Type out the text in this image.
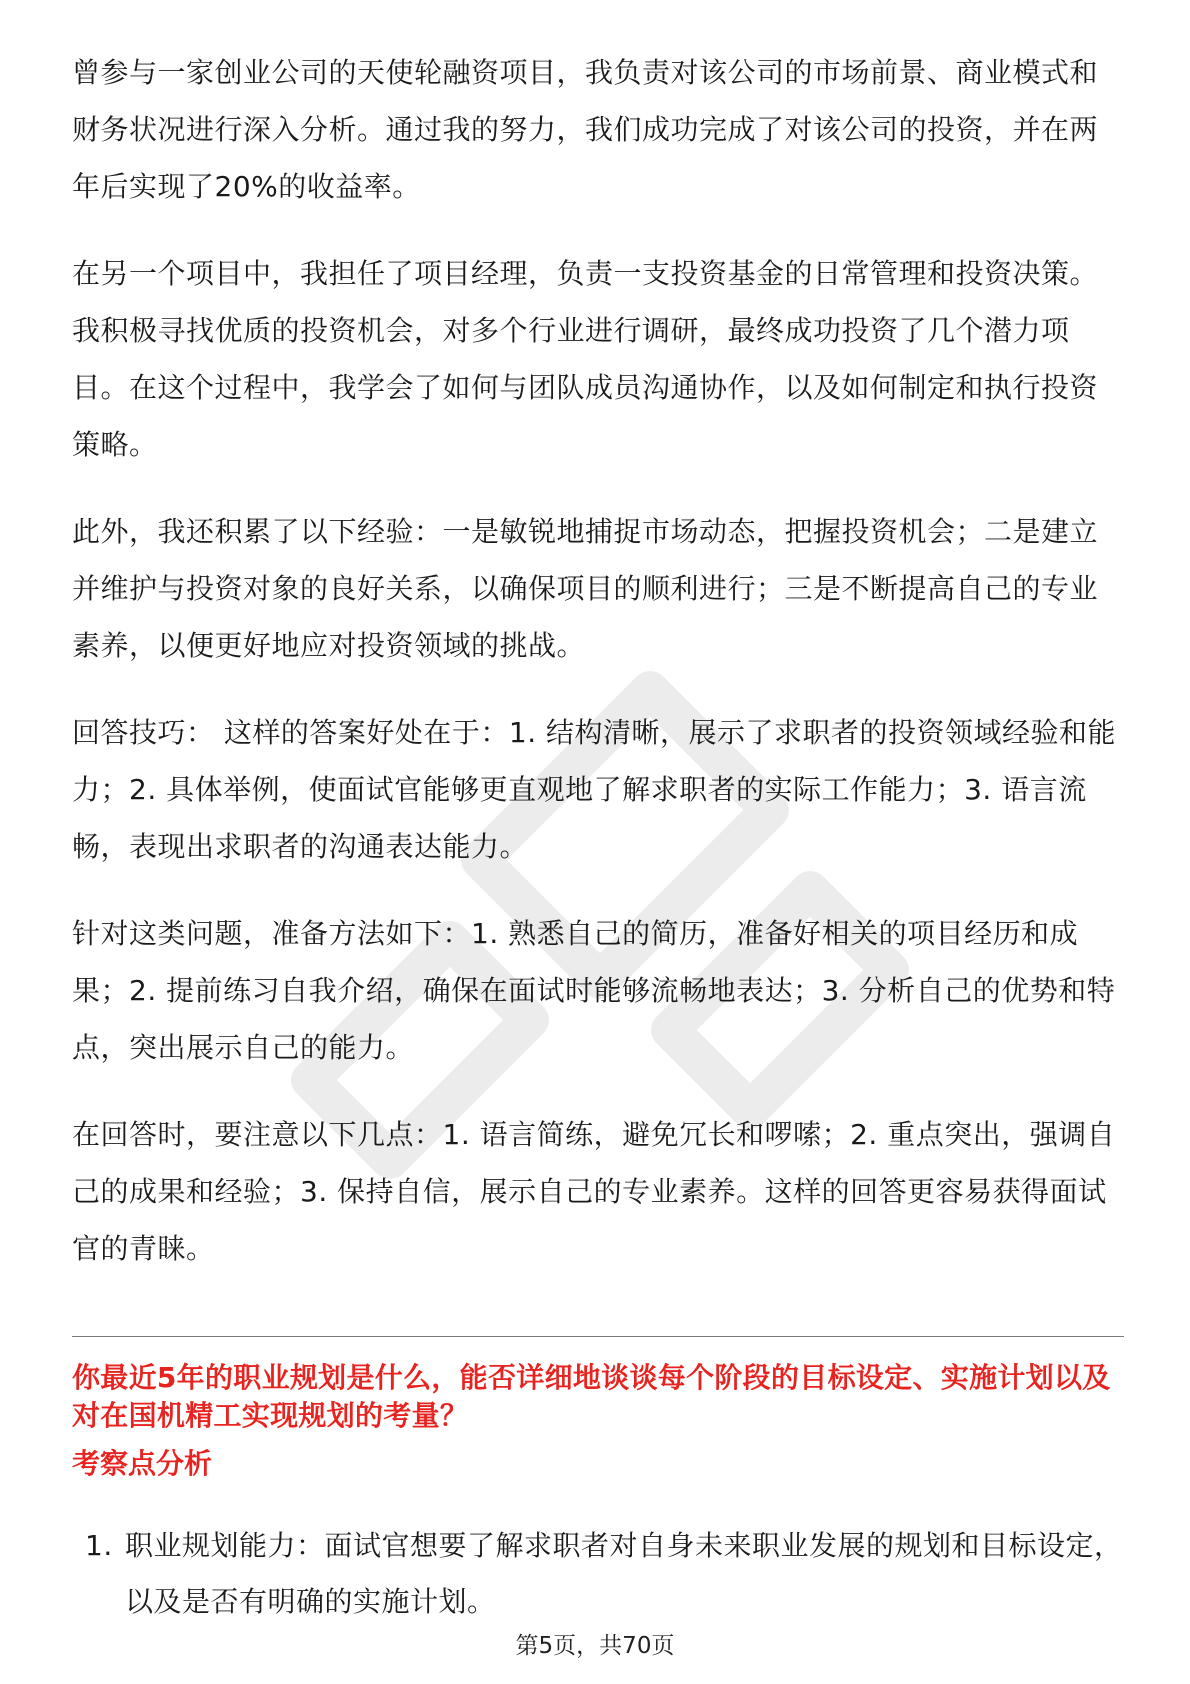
曾参与一家创业公司的天使轮融资项目，我负责对该公司的市场前景、商业模式和财务状况进行深入分析。通过我的努力，我们成功完成了对该公司的投资，并在两年后实现了20%的收益率。

在另一个项目中，我担任了项目经理，负责一支投资基金的日常管理和投资决策。我积极寻找优质的投资机会，对多个行业进行调研，最终成功投资了几个潜力项目。在这个过程中，我学会了如何与团队成员沟通协作，以及如何制定和执行投资策略。

此外，我还积累了以下经验：一是敏锐地捕捉市场动态，把握投资机会；二是建立并维护与投资对象的良好关系，以确保项目的顺利进行；三是不断提高自己的专业素养，以便更好地应对投资领域的挑战。

回答技巧： 这样的答案好处在于：1. 结构清晰，展示了求职者的投资领域经验和能力；2. 具体举例，使面试官能够更直观地了解求职者的实际工作能力；3. 语言流畅，表现出求职者的沟通表达能力。

针对这类问题，准备方法如下：1. 熟悉自己的简历，准备好相关的项目经历和成果；2. 提前练习自我介绍，确保在面试时能够流畅地表达；3. 分析自己的优势和特点，突出展示自己的能力。

在回答时，要注意以下几点：1. 语言简练，避免冗长和啰嗦；2. 重点突出，强调自己的成果和经验；3. 保持自信，展示自己的专业素养。这样的回答更容易获得面试官的青睐。

你最近5年的职业规划是什么，能否详细地谈谈每个阶段的目标设定、实施计划以及对在国机精工实现规划的考量？
考察点分析
1. 职业规划能力：面试官想要了解求职者对自身未来职业发展的规划和目标设定，以及是否有明确的实施计划。
第5页，共70页
